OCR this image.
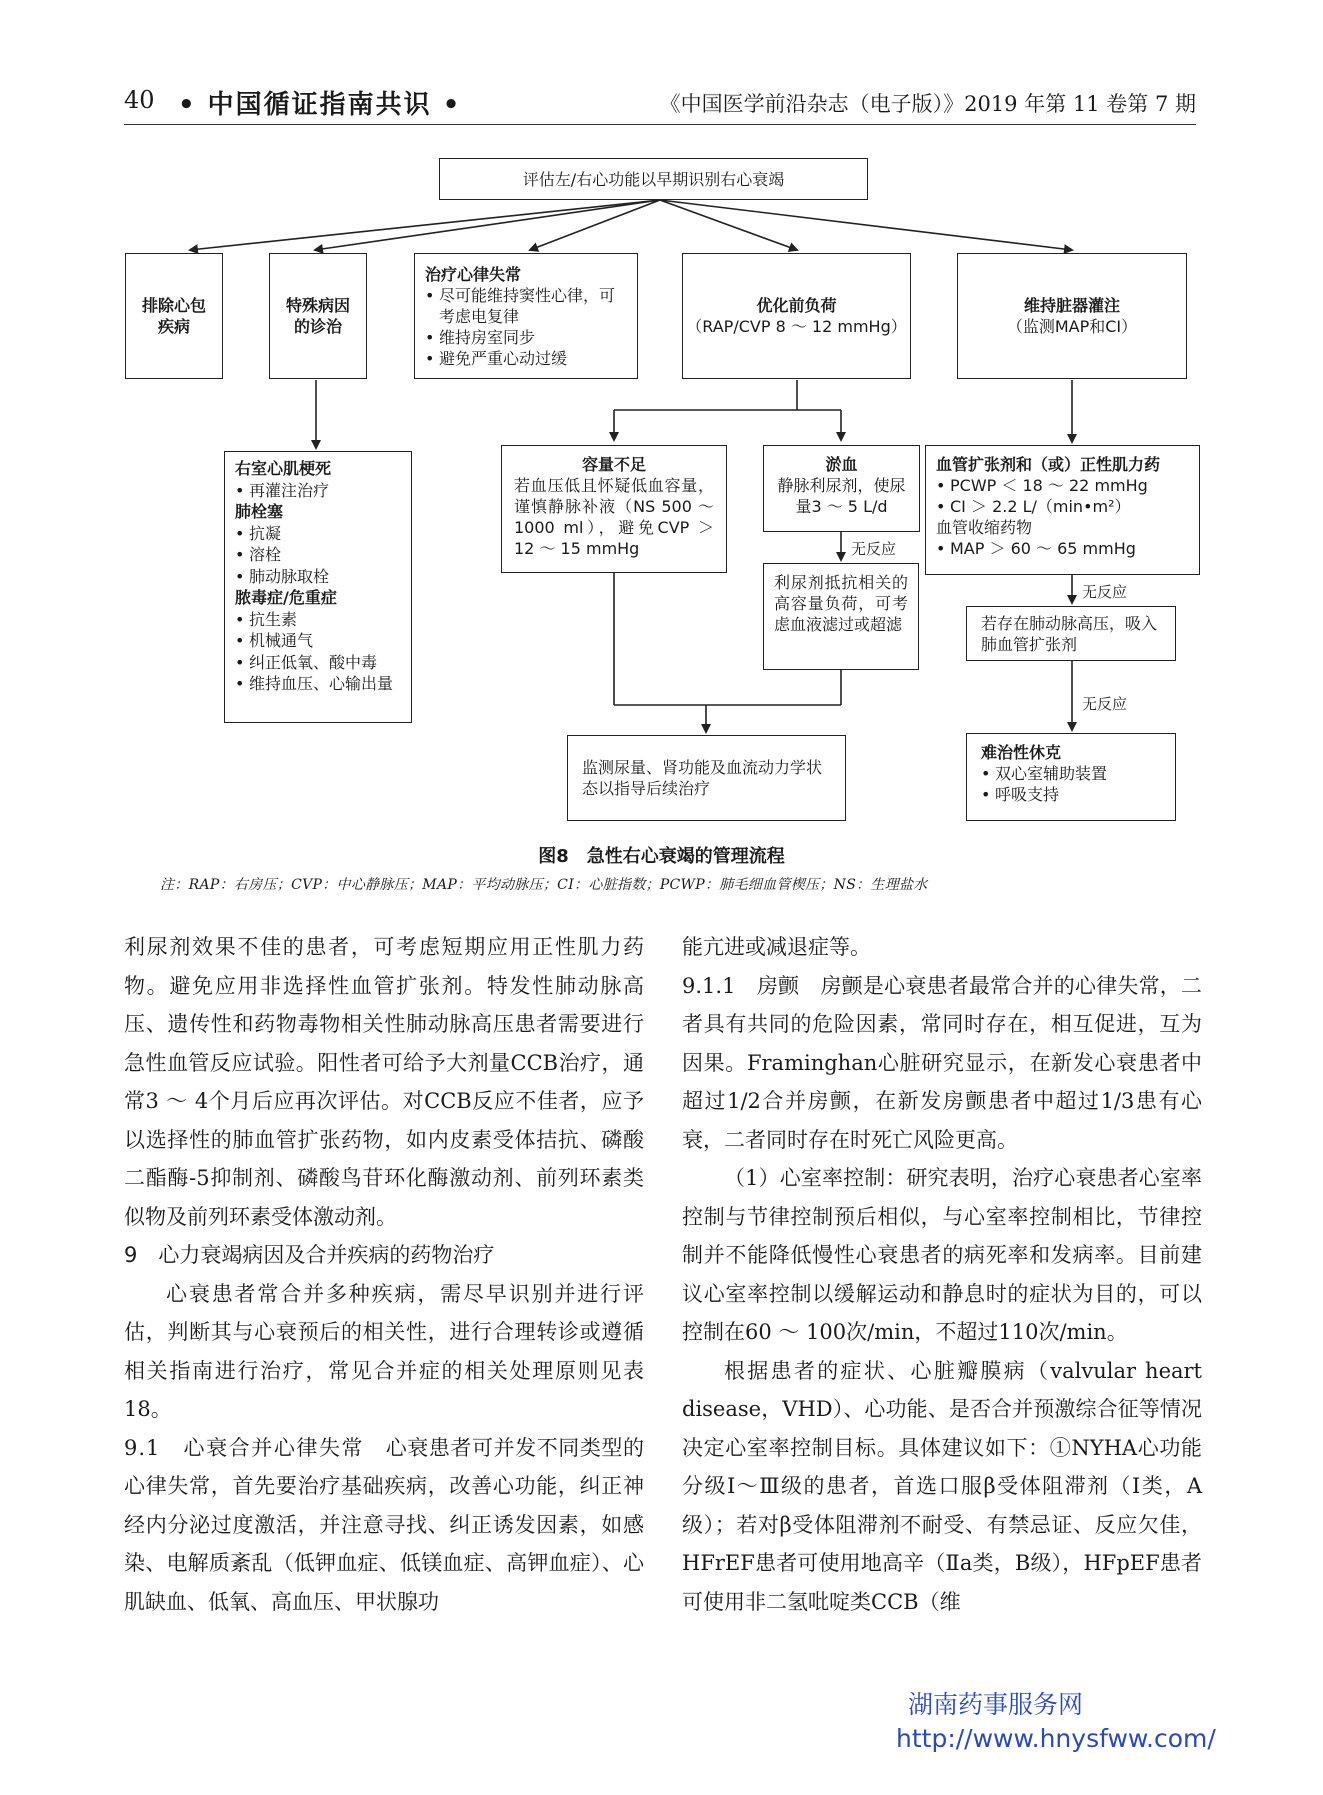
40 • 中国循证指南共识 •	《中国医学前沿杂志（电子版）》2019 年第 11 卷第 7 期
评估左/右心功能以早期识别右心衰竭
排除心包疾病
特殊病因的诊治
治疗心律失常
• 尽可能维持窦性心律，可考虑电复律
• 维持房室同步
• 避免严重心动过缓
优化前负荷
（RAP/CVP 8 ～ 12 mmHg）
维持脏器灌注
（监测MAP和CI）
右室心肌梗死
• 再灌注治疗
肺栓塞
• 抗凝
• 溶栓
• 肺动脉取栓
脓毒症/危重症
• 抗生素
• 机械通气
• 纠正低氧、酸中毒
• 维持血压、心输出量
容量不足
若血压低且怀疑低血容量，谨慎静脉补液（NS 500 ～ 1000 ml），避免CVP ＞ 12 ～ 15 mmHg
淤血
静脉利尿剂，使尿量3 ～ 5 L/d
无反应
利尿剂抵抗相关的高容量负荷，可考虑血液滤过或超滤
监测尿量、肾功能及血流动力学状态以指导后续治疗
血管扩张剂和（或）正性肌力药
• PCWP ＜ 18 ～ 22 mmHg
• CI ＞ 2.2 L/（min•m²）
血管收缩药物
• MAP ＞ 60 ～ 65 mmHg
无反应
若存在肺动脉高压，吸入肺血管扩张剂
无反应
难治性休克
• 双心室辅助装置
• 呼吸支持
图8　急性右心衰竭的管理流程
注：RAP：右房压；CVP：中心静脉压；MAP：平均动脉压；CI：心脏指数；PCWP：肺毛细血管楔压；NS：生理盐水

利尿剂效果不佳的患者，可考虑短期应用正性肌力药物。避免应用非选择性血管扩张剂。特发性肺动脉高压、遗传性和药物毒物相关性肺动脉高压患者需要进行急性血管反应试验。阳性者可给予大剂量CCB治疗，通常3 ～ 4个月后应再次评估。对CCB反应不佳者，应予以选择性的肺血管扩张药物，如内皮素受体拮抗、磷酸二酯酶-5抑制剂、磷酸鸟苷环化酶激动剂、前列环素类似物及前列环素受体激动剂。

9　心力衰竭病因及合并疾病的药物治疗

心衰患者常合并多种疾病，需尽早识别并进行评估，判断其与心衰预后的相关性，进行合理转诊或遵循相关指南进行治疗，常见合并症的相关处理原则见表18。

9.1　心衰合并心律失常　心衰患者可并发不同类型的心律失常，首先要治疗基础疾病，改善心功能，纠正神经内分泌过度激活，并注意寻找、纠正诱发因素，如感染、电解质紊乱（低钾血症、低镁血症、高钾血症）、心肌缺血、低氧、高血压、甲状腺功

能亢进或减退症等。

9.1.1　房颤　房颤是心衰患者最常合并的心律失常，二者具有共同的危险因素，常同时存在，相互促进，互为因果。Framinghan心脏研究显示，在新发心衰患者中超过1/2合并房颤，在新发房颤患者中超过1/3患有心衰，二者同时存在时死亡风险更高。

（1）心室率控制：研究表明，治疗心衰患者心室率控制与节律控制预后相似，与心室率控制相比，节律控制并不能降低慢性心衰患者的病死率和发病率。目前建议心室率控制以缓解运动和静息时的症状为目的，可以控制在60 ～ 100次/min，不超过110次/min。

根据患者的症状、心脏瓣膜病（valvular heart disease，VHD）、心功能、是否合并预激综合征等情况决定心室率控制目标。具体建议如下：①NYHA心功能分级Ⅰ～Ⅲ级的患者，首选口服β受体阻滞剂（Ⅰ类，A级）；若对β受体阻滞剂不耐受、有禁忌证、反应欠佳，HFrEF患者可使用地高辛（Ⅱa类，B级），HFpEF患者可使用非二氢吡啶类CCB（维

湖南药事服务网
http://www.hnysfww.com/
